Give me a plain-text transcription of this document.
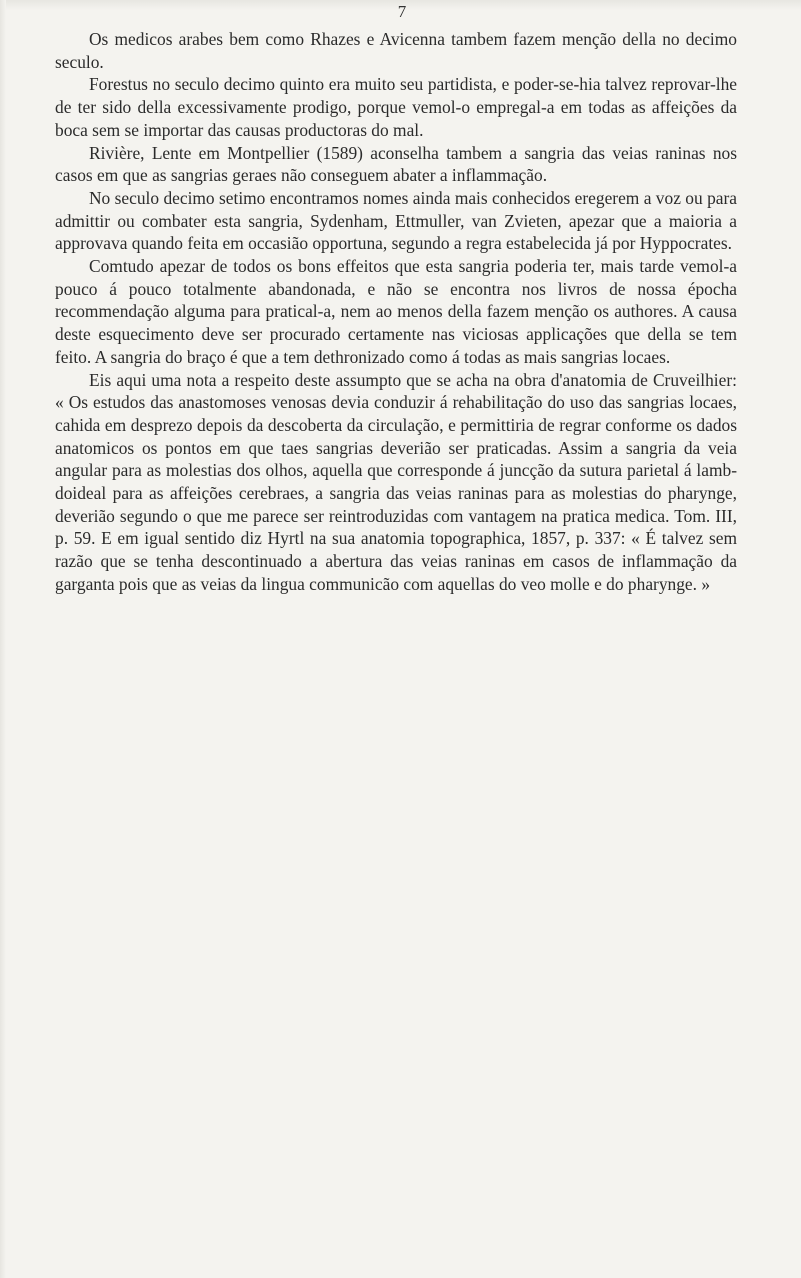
7

Os medicos arabes bem como Rhazes e Avicenna tambem fazem menção della no decimo seculo.

Forestus no seculo decimo quinto era muito seu partidista, e poder-se-hia talvez reprovar-lhe de ter sido della excessivamente prodigo, porque vemol-o empregal-a em todas as affeições da boca sem se importar das causas productoras do mal.

Rivière, Lente em Montpellier (1589) aconselha tambem a sangria das veias raninas nos casos em que as sangrias geraes não conseguem abater a inflammação.

No seculo decimo setimo encontramos nomes ainda mais conhecidos eregerem a voz ou para admittir ou combater esta sangria, Sydenham, Ettmuller, van Zvieten, apezar que a maioria a approvava quando feita em occasião opportuna, segundo a regra estabelecida já por Hyppocrates.

Comtudo apezar de todos os bons effeitos que esta sangria poderia ter, mais tarde vemol-a pouco á pouco totalmente abandonada, e não se encontra nos livros de nossa épocha recommendação alguma para pratical-a, nem ao menos della fazem menção os authores. A causa deste esquecimento deve ser procurado certamente nas viciosas applicações que della se tem feito. A sangria do braço é que a tem dethronizado como á todas as mais sangrias locaes.

Eis aqui uma nota a respeito deste assumpto que se acha na obra d'anatomia de Cruveilhier: « Os estudos das anastomoses venosas devia conduzir á rehabilitação do uso das sangrias locaes, cahida em desprezo depois da descoberta da circulação, e permittiria de regrar conforme os dados anatomicos os pontos em que taes sangrias deverião ser praticadas. Assim a sangria da veia angular para as molestias dos olhos, aquella que corresponde á juncção da sutura parietal á lamb-doideal para as affeições cerebraes, a sangria das veias raninas para as molestias do pharynge, deverião segundo o que me parece ser reintroduzidas com vantagem na pratica medica. Tom. III, p. 59. E em igual sentido diz Hyrtl na sua anatomia topographica, 1857, p. 337: « É talvez sem razão que se tenha descontinuado a abertura das veias raninas em casos de inflammação da garganta pois que as veias da lingua communicão com aquellas do veo molle e do pharynge. »
